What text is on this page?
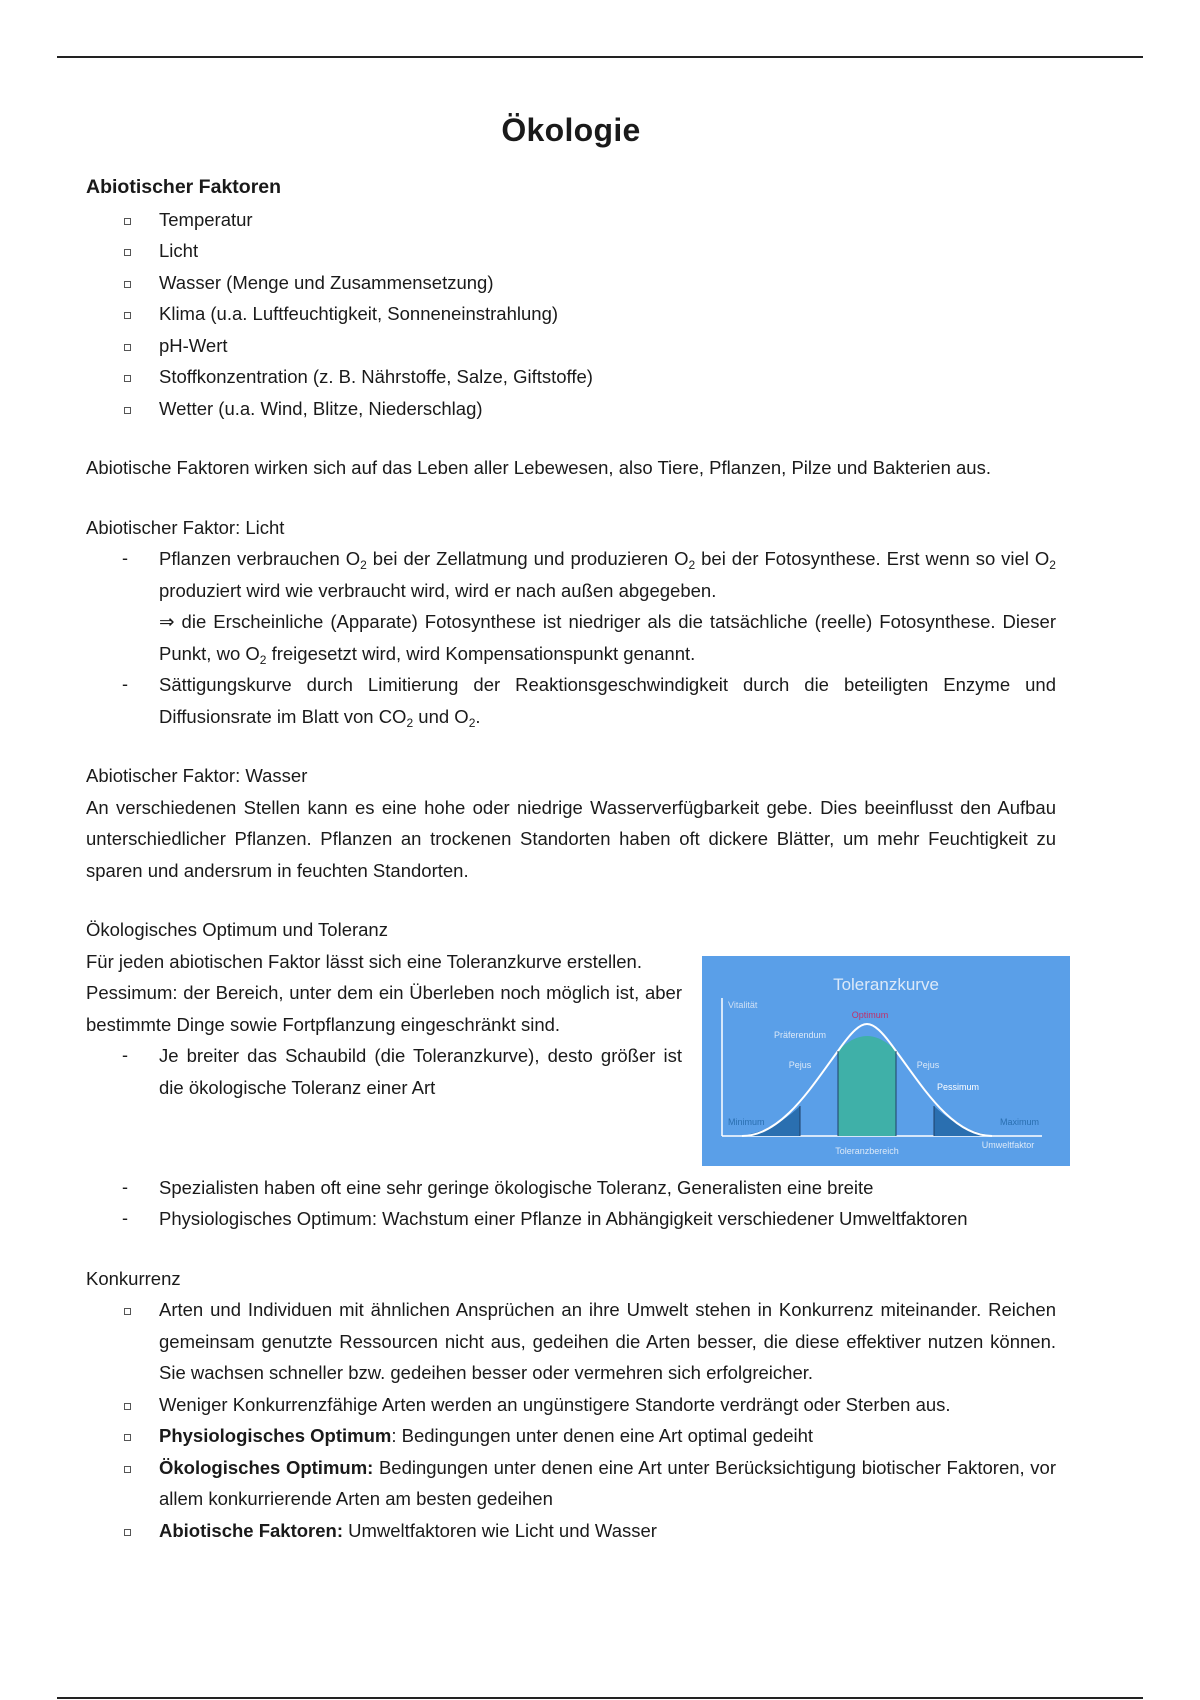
Ökologie
Abiotischer Faktoren
Temperatur
Licht
Wasser (Menge und Zusammensetzung)
Klima (u.a. Luftfeuchtigkeit, Sonneneinstrahlung)
pH-Wert
Stoffkonzentration (z. B. Nährstoffe, Salze, Giftstoffe)
Wetter (u.a. Wind, Blitze, Niederschlag)

Abiotische Faktoren wirken sich auf das Leben aller Lebewesen, also Tiere, Pflanzen, Pilze und Bakterien aus.

Abiotischer Faktor: Licht
- Pflanzen verbrauchen $O_2$ bei der Zellatmung und produzieren $O_2$ bei der Fotosynthese. Erst wenn so viel $O_2$ produziert wird wie verbraucht wird, wird er nach außen abgegeben.
⇒ die Erscheinliche (Apparate) Fotosynthese ist niedriger als die tatsächliche (reelle) Fotosynthese. Dieser Punkt, wo $O_2$ freigesetzt wird, wird Kompensationspunkt genannt.
- Sättigungskurve durch Limitierung der Reaktionsgeschwindigkeit durch die beteiligten Enzyme und Diffusionsrate im Blatt von $CO_2$ und $O_2$.
Abiotischer Faktor: Wasser

An verschiedenen Stellen kann es eine hohe oder niedrige Wasserverfügbarkeit gebe. Dies beeinflusst den Aufbau unterschiedlicher Pflanzen. Pflanzen an trockenen Standorten haben oft dickere Blätter, um mehr Feuchtigkeit zu sparen und andersrum in feuchten Standorten.

Ökologisches Optimum und Toleranz
Toleranzkurve
Vitalität
Optimum
Präferendum
Pejus	Pejus
Pessimum
Minimum	Maximum
Toleranzbereich
Umweltfaktor

Für jeden abiotischen Faktor lässt sich eine Toleranzkurve erstellen.

Pessimum: der Bereich, unter dem ein Überleben noch möglich ist, aber bestimmte Dinge sowie Fortpflanzung eingeschränkt sind.

- Je breiter das Schaubild (die Toleranzkurve), desto größer ist die ökologische Toleranz einer Art
- Spezialisten haben oft eine sehr geringe ökologische Toleranz, Generalisten eine breite
- Physiologisches Optimum: Wachstum einer Pflanze in Abhängigkeit verschiedener Umweltfaktoren
Konkurrenz
Arten und Individuen mit ähnlichen Ansprüchen an ihre Umwelt stehen in Konkurrenz miteinander. Reichen gemeinsam genutzte Ressourcen nicht aus, gedeihen die Arten besser, die diese effektiver nutzen können. Sie wachsen schneller bzw. gedeihen besser oder vermehren sich erfolgreicher.
Weniger Konkurrenzfähige Arten werden an ungünstigere Standorte verdrängt oder Sterben aus.
Physiologisches Optimum: Bedingungen unter denen eine Art optimal gedeiht
Ökologisches Optimum: Bedingungen unter denen eine Art unter Berücksichtigung biotischer Faktoren, vor allem konkurrierende Arten am besten gedeihen
Abiotische Faktoren: Umweltfaktoren wie Licht und Wasser
